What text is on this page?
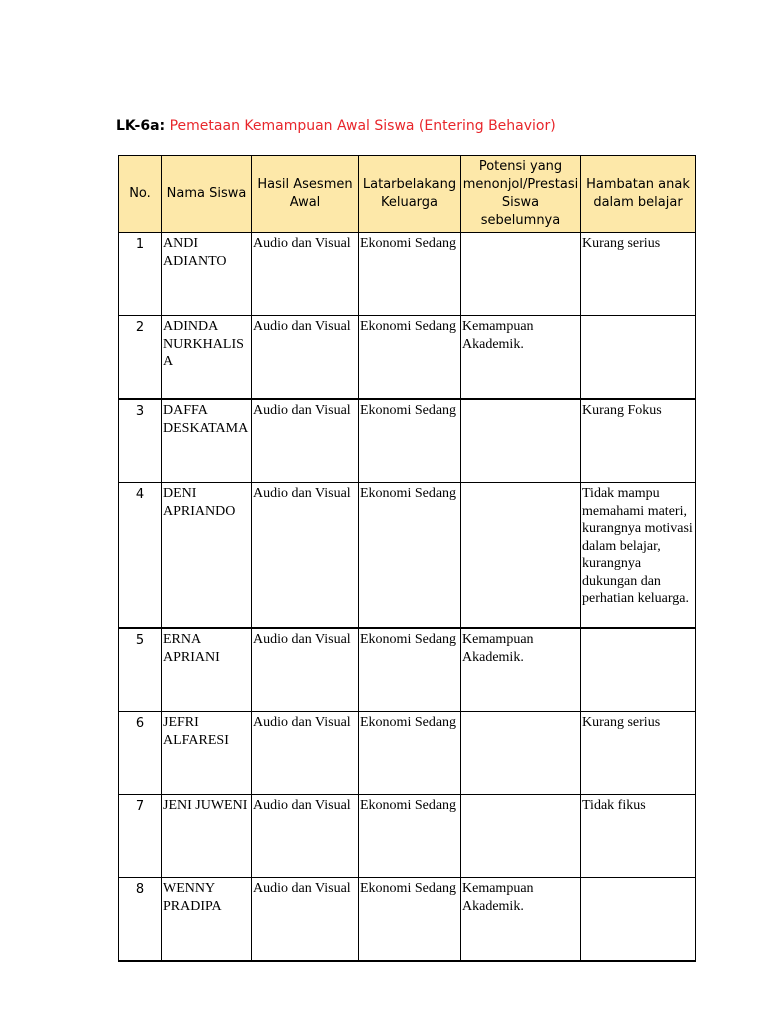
LK-6a: Pemetaan Kemampuan Awal Siswa (Entering Behavior)
No.	Nama Siswa	Hasil Asesmen Awal	Latarbelakang Keluarga	Potensi yang menonjol/Prestasi Siswa sebelumnya	Hambatan anak dalam belajar
1	ANDI ADIANTO	Audio dan Visual	Ekonomi Sedang		Kurang serius
2	ADINDA NURKHALISA	Audio dan Visual	Ekonomi Sedang	Kemampuan Akademik.	
3	DAFFA DESKATAMA	Audio dan Visual	Ekonomi Sedang		Kurang Fokus
4	DENI APRIANDO	Audio dan Visual	Ekonomi Sedang		Tidak mampu memahami materi, kurangnya motivasi dalam belajar, kurangnya dukungan dan perhatian keluarga.
5	ERNA APRIANI	Audio dan Visual	Ekonomi Sedang	Kemampuan Akademik.	
6	JEFRI ALFARESI	Audio dan Visual	Ekonomi Sedang		Kurang serius
7	JENI JUWENI	Audio dan Visual	Ekonomi Sedang		Tidak fikus
8	WENNY PRADIPA	Audio dan Visual	Ekonomi Sedang	Kemampuan Akademik.	
